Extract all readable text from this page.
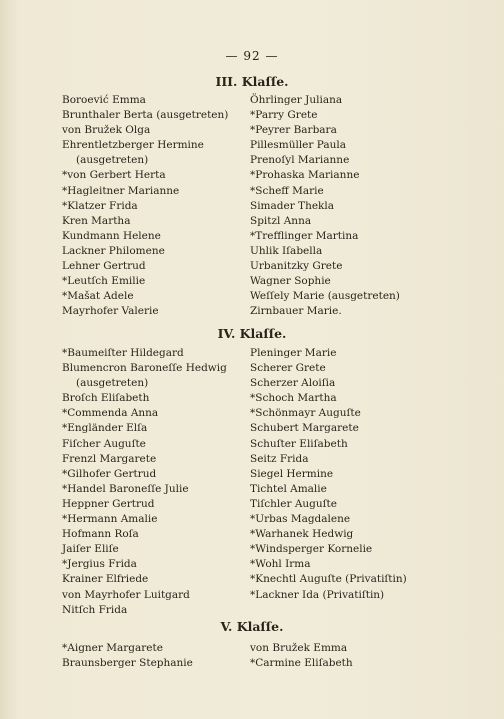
— 92 —
III. Klaſſe.
Boroević Emma
Brunthaler Berta (ausgetreten)
von Bružek Olga
Ehrentletzberger Hermine
(ausgetreten)
*von Gerbert Herta
*Hagleitner Marianne
*Klatzer Frida
Kren Martha
Kundmann Helene
Lackner Philomene
Lehner Gertrud
*Leutſch Emilie
*Mašat Adele
Mayrhofer Valerie
Öhrlinger Juliana
*Parry Grete
*Peyrer Barbara
Pillesmüller Paula
Prenoſyl Marianne
*Prohaska Marianne
*Scheff Marie
Simader Thekla
Spitzl Anna
*Trefflinger Martina
Uhlik Iſabella
Urbanitzky Grete
Wagner Sophie
Weſſely Marie (ausgetreten)
Zirnbauer Marie.
IV. Klaſſe.
*Baumeiſter Hildegard
Blumencron Baroneſſe Hedwig
(ausgetreten)
Broſch Eliſabeth
*Commenda Anna
*Engländer Elſa
Fiſcher Auguſte
Frenzl Margarete
*Gilhofer Gertrud
*Handel Baroneſſe Julie
Heppner Gertrud
*Hermann Amalie
Hofmann Roſa
Jaiſer Eliſe
*Jergius Frida
Krainer Elfriede
von Mayrhofer Luitgard
Nitſch Frida
Pleninger Marie
Scherer Grete
Scherzer Aloiſia
*Schoch Martha
*Schönmayr Auguſte
Schubert Margarete
Schuſter Eliſabeth
Seitz Frida
Siegel Hermine
Tichtel Amalie
Tiſchler Auguſte
*Urbas Magdalene
*Warhanek Hedwig
*Windsperger Kornelie
*Wohl Irma
*Knechtl Auguſte (Privatiſtin)
*Lackner Ida (Privatiſtin)
V. Klaſſe.
*Aigner Margarete
Braunsberger Stephanie
von Bružek Emma
*Carmine Eliſabeth
